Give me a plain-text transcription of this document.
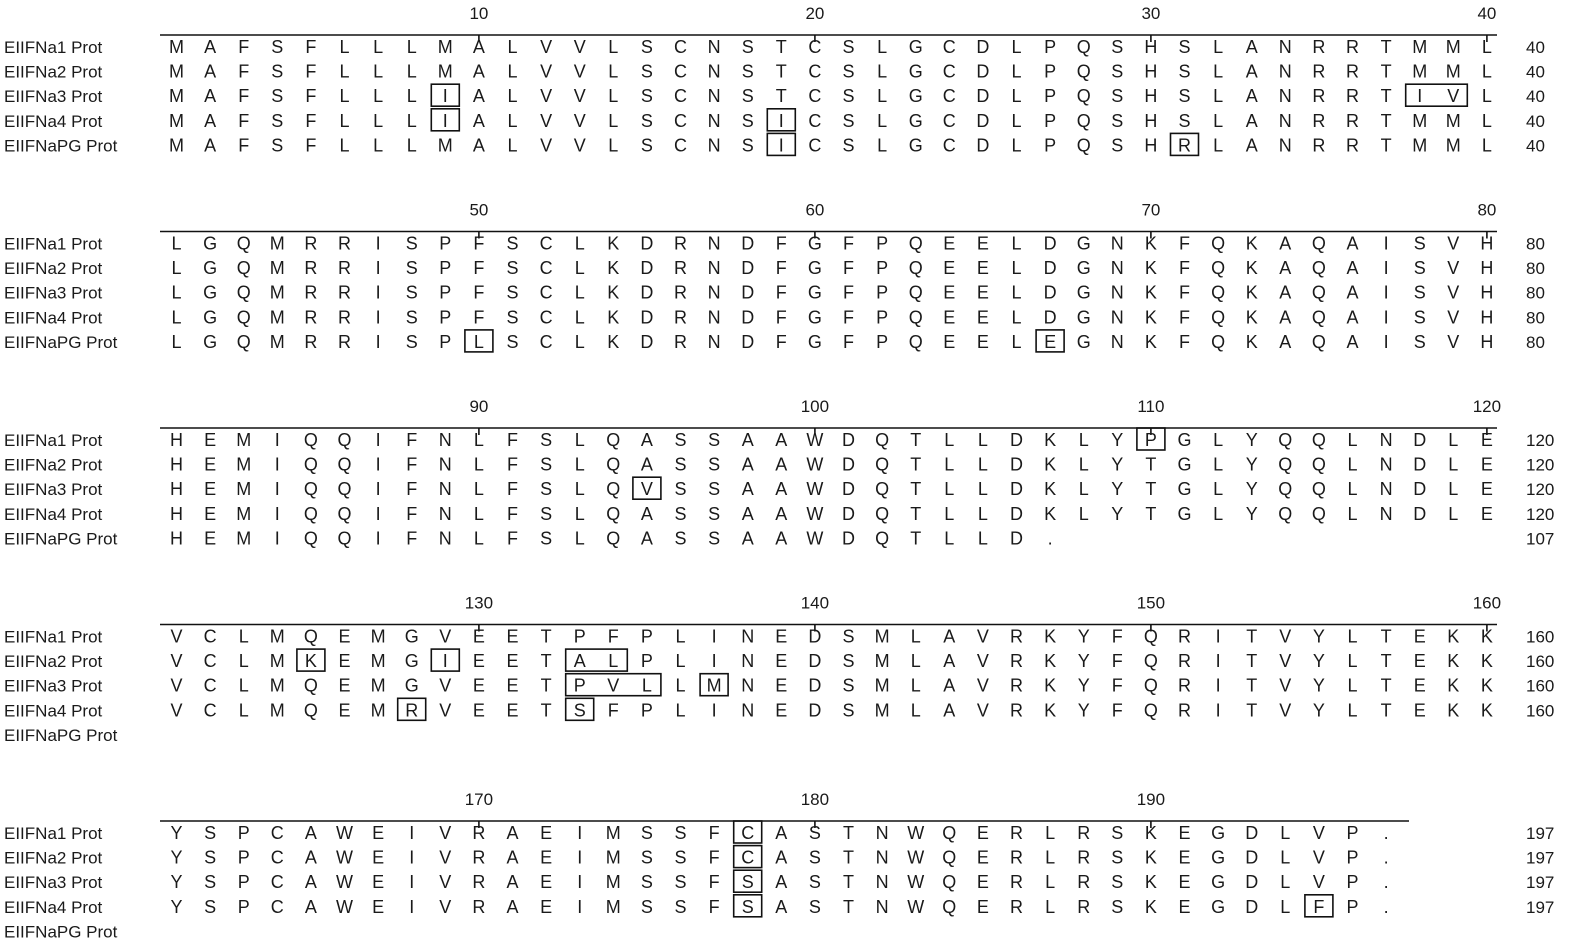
10	20	30	40
EIIFNa1 Prot	M A F S F L L L M A L V V L S C N S T C S L G C D L P Q S H S L A N R R T M M L 40
EIIFNa2 Prot	M A F S F L L L M A L V V L S C N S T C S L G C D L P Q S H S L A N R R T M M L 40
EIIFNa3 Prot	M A F S F L L L I A L V V L S C N S T C S L G C D L P Q S H S L A N R R T I V L 40
EIIFNa4 Prot	M A F S F L L L I A L V V L S C N S I C S L G C D L P Q S H S L A N R R T M M L 40
EIIFNaPG Prot	M A F S F L L L M A L V V L S C N S I C S L G C D L P Q S H R L A N R R T M M L 40
50	60	70	80
EIIFNa1 Prot	L G Q M R R I S P F S C L K D R N D F G F P Q E E L D G N K F Q K A Q A I S V H 80
EIIFNa2 Prot	L G Q M R R I S P F S C L K D R N D F G F P Q E E L D G N K F Q K A Q A I S V H 80
EIIFNa3 Prot	L G Q M R R I S P F S C L K D R N D F G F P Q E E L D G N K F Q K A Q A I S V H 80
EIIFNa4 Prot	L G Q M R R I S P F S C L K D R N D F G F P Q E E L D G N K F Q K A Q A I S V H 80
EIIFNaPG Prot	L G Q M R R I S P L S C L K D R N D F G F P Q E E L E G N K F Q K A Q A I S V H 80
90	100	110	120
EIIFNa1 Prot	H E M I Q Q I F N L F S L Q A S S A A W D Q T L L D K L Y P G L Y Q Q L N D L E 120
EIIFNa2 Prot	H E M I Q Q I F N L F S L Q A S S A A W D Q T L L D K L Y T G L Y Q Q L N D L E 120
EIIFNa3 Prot	H E M I Q Q I F N L F S L Q V S S A A W D Q T L L D K L Y T G L Y Q Q L N D L E 120
EIIFNa4 Prot	H E M I Q Q I F N L F S L Q A S S A A W D Q T L L D K L Y T G L Y Q Q L N D L E 120
EIIFNaPG Prot	H E M I Q Q I F N L F S L Q A S S A A W D Q T L L D .	107
130	140	150	160
EIIFNa1 Prot	V C L M Q E M G V E E T P F P L I N E D S M L A V R K Y F Q R I T V Y L T E K K 160
EIIFNa2 Prot	V C L M K E M G I E E T A L P L I N E D S M L A V R K Y F Q R I T V Y L T E K K 160
EIIFNa3 Prot	V C L M Q E M G V E E T P V L L M N E D S M L A V R K Y F Q R I T V Y L T E K K 160
EIIFNa4 Prot	V C L M Q E M R V E E T S F P L I N E D S M L A V R K Y F Q R I T V Y L T E K K 160
EIIFNaPG Prot
170	180	190
EIIFNa1 Prot	Y S P C A W E I V R A E I M S S F C A S T N W Q E R L R S K E G D L V P .	197
EIIFNa2 Prot	Y S P C A W E I V R A E I M S S F C A S T N W Q E R L R S K E G D L V P .	197
EIIFNa3 Prot	Y S P C A W E I V R A E I M S S F S A S T N W Q E R L R S K E G D L V P .	197
EIIFNa4 Prot	Y S P C A W E I V R A E I M S S F S A S T N W Q E R L R S K E G D L F P .	197
EIIFNaPG Prot
